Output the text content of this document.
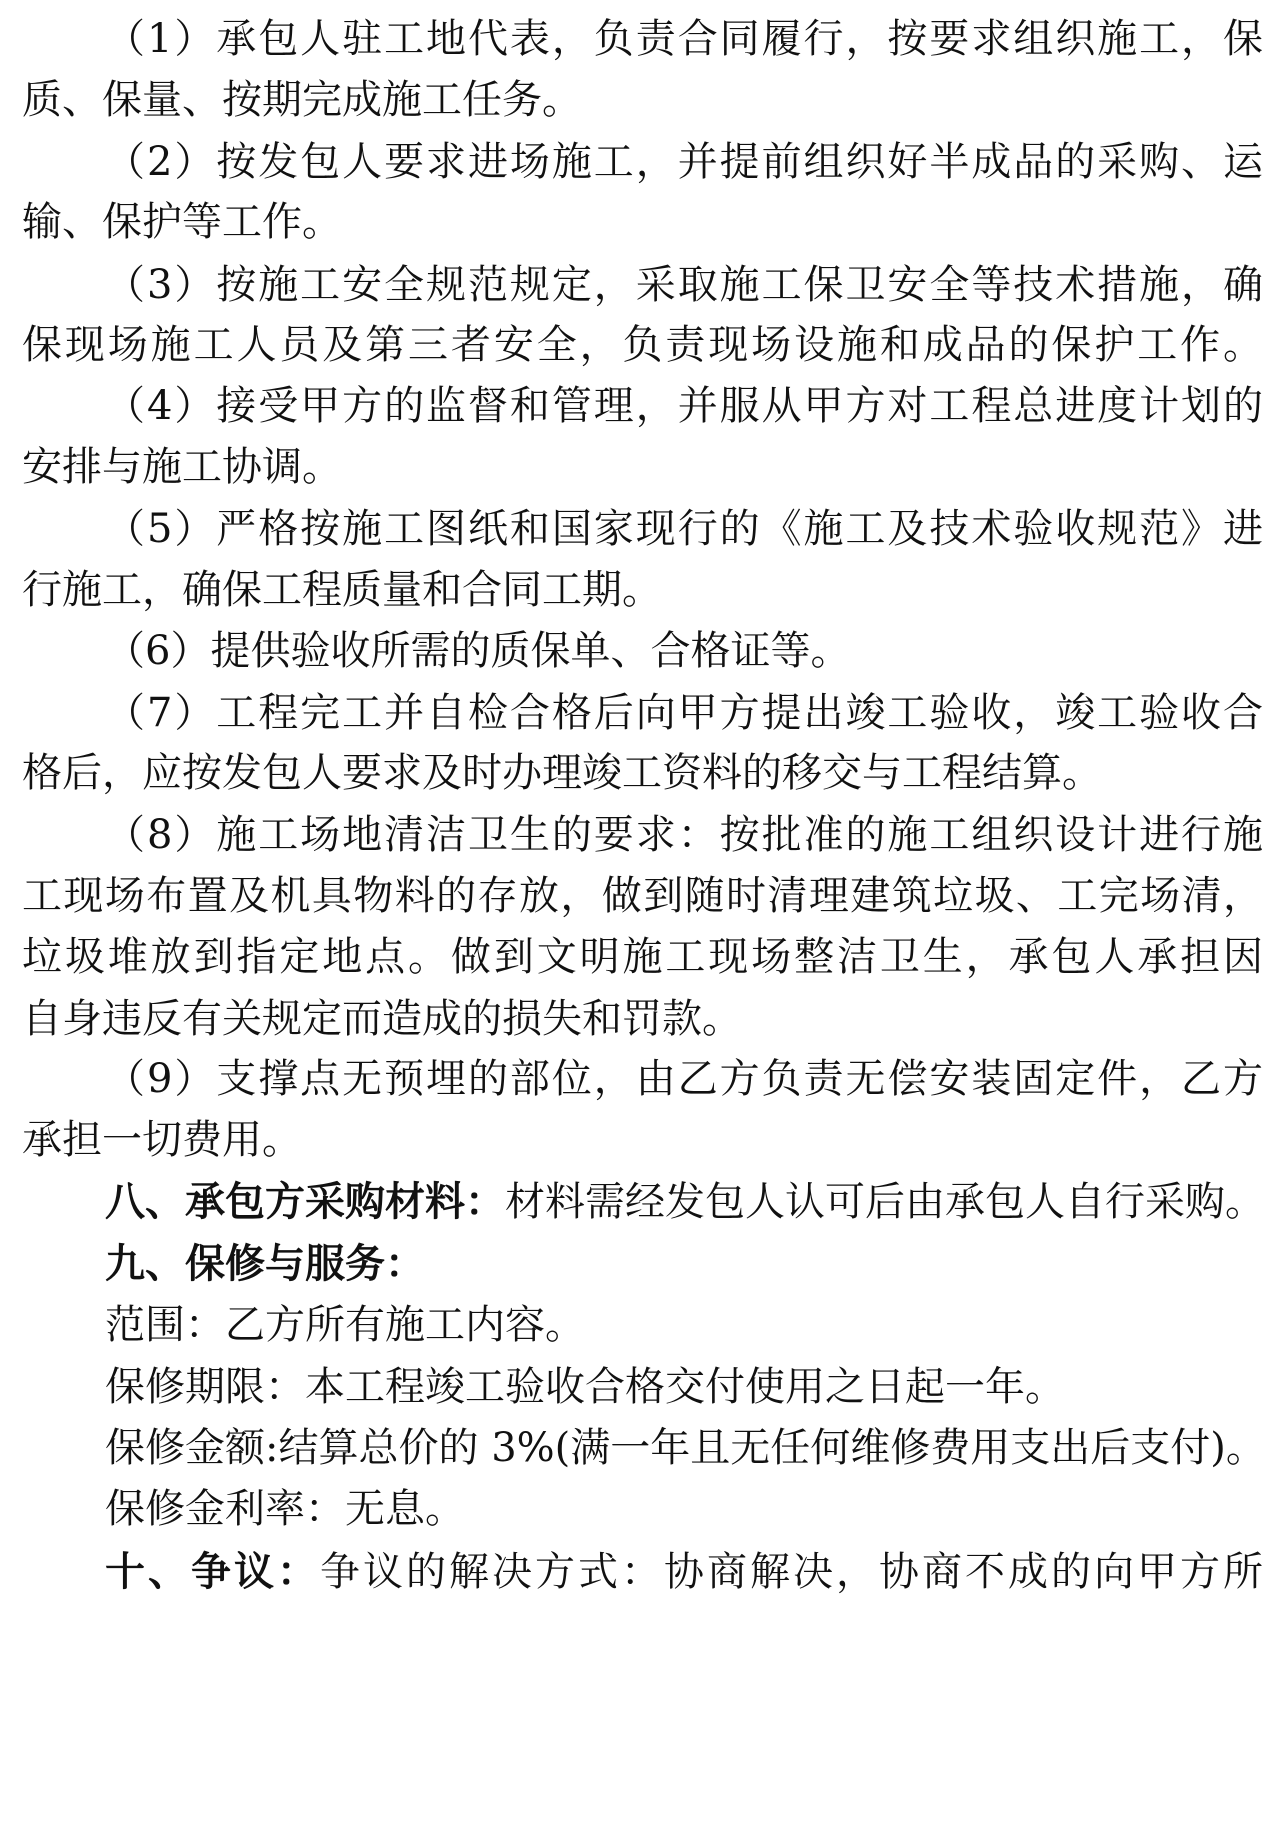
（1）承包人驻工地代表，负责合同履行，按要求组织施工，保
质、保量、按期完成施工任务。
（2）按发包人要求进场施工，并提前组织好半成品的采购、运
输、保护等工作。
（3）按施工安全规范规定，采取施工保卫安全等技术措施，确
保现场施工人员及第三者安全，负责现场设施和成品的保护工作。
（4）接受甲方的监督和管理，并服从甲方对工程总进度计划的
安排与施工协调。
（5）严格按施工图纸和国家现行的《施工及技术验收规范》进
行施工，确保工程质量和合同工期。
（6）提供验收所需的质保单、合格证等。
（7）工程完工并自检合格后向甲方提出竣工验收，竣工验收合
格后，应按发包人要求及时办理竣工资料的移交与工程结算。
（8）施工场地清洁卫生的要求：按批准的施工组织设计进行施
工现场布置及机具物料的存放，做到随时清理建筑垃圾、工完场清，
垃圾堆放到指定地点。做到文明施工现场整洁卫生，承包人承担因
自身违反有关规定而造成的损失和罚款。
（9）支撑点无预埋的部位，由乙方负责无偿安装固定件，乙方
承担一切费用。
八、承包方采购材料：材料需经发包人认可后由承包人自行采购。
九、保修与服务：
范围：乙方所有施工内容。
保修期限：本工程竣工验收合格交付使用之日起一年。
保修金额:结算总价的 3%(满一年且无任何维修费用支出后支付)。
保修金利率：无息。
十、争议：争议的解决方式：协商解决，协商不成的向甲方所
